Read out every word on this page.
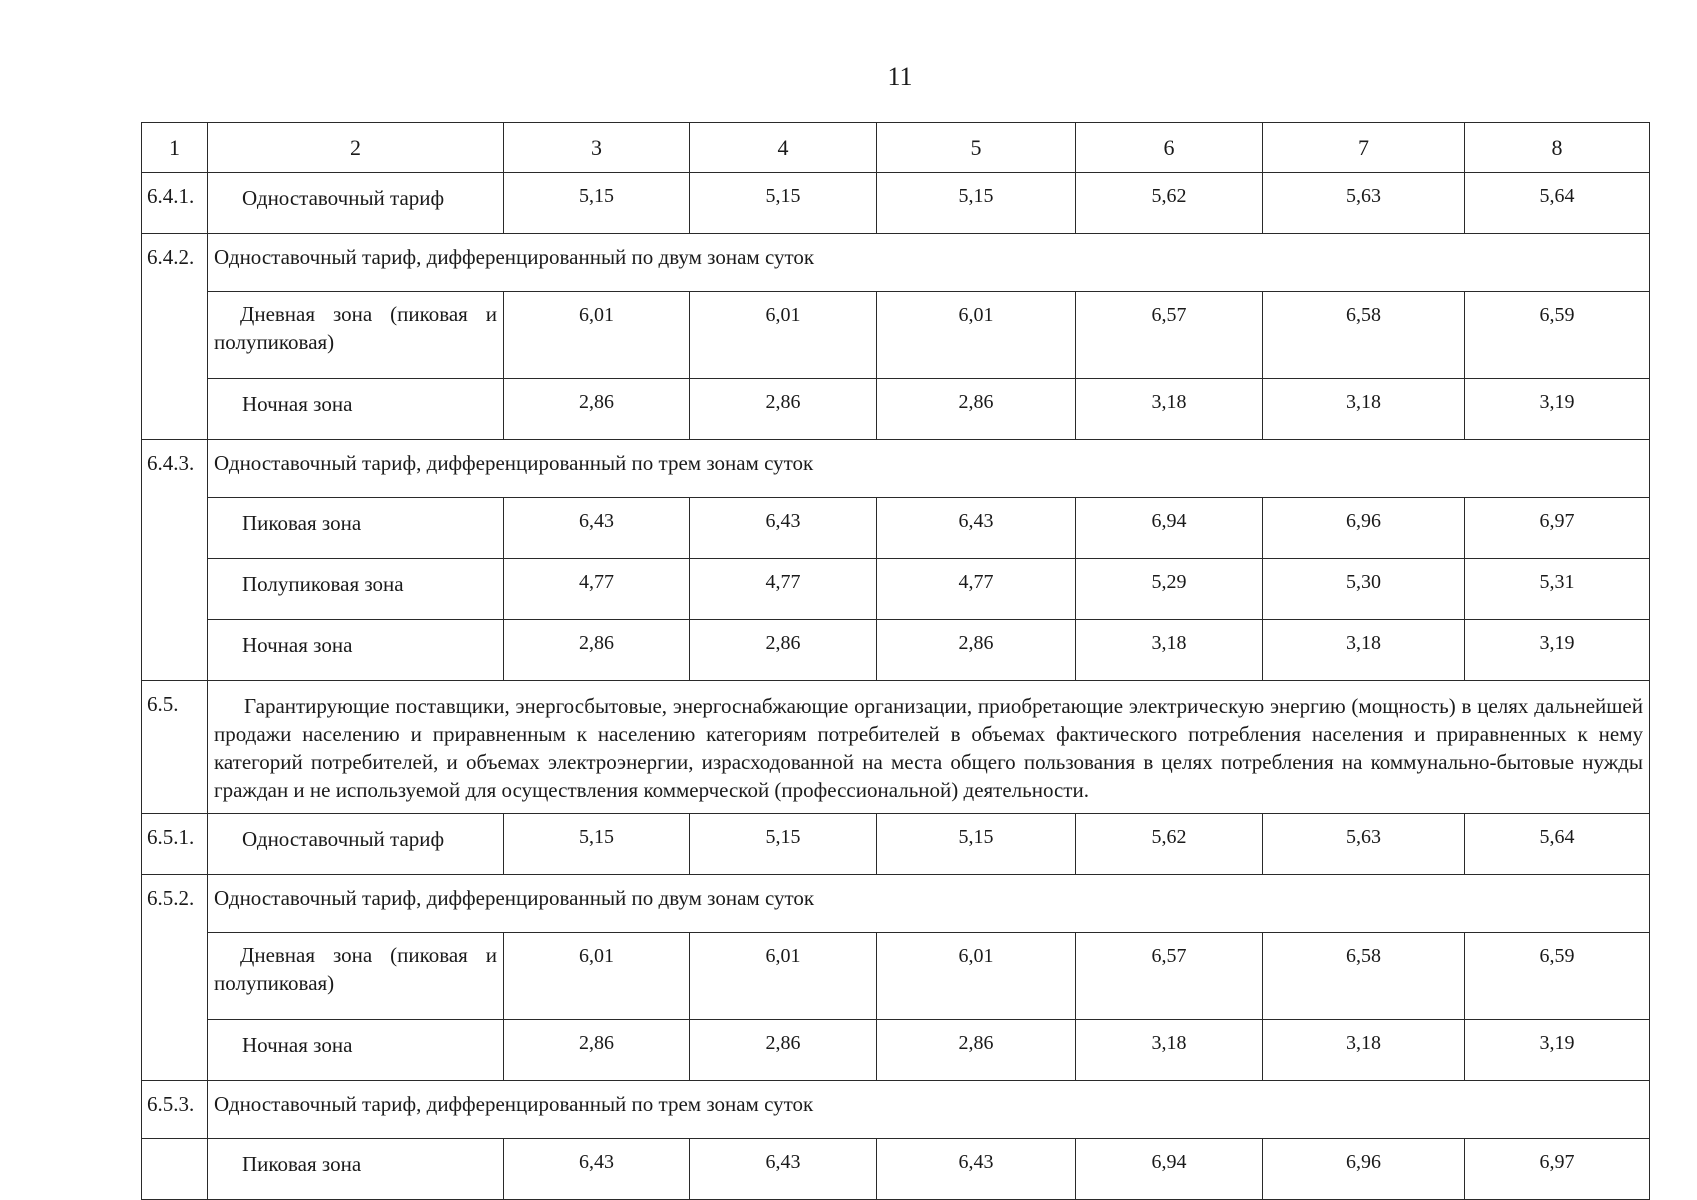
11
1	2	3	4	5	6	7	8
6.4.1.	Одноставочный тариф	5,15	5,15	5,15	5,62	5,63	5,64
6.4.2.	Одноставочный тариф, дифференцированный по двум зонам суток						
	Дневная зона (пиковая и полупиковая)	6,01	6,01	6,01	6,57	6,58	6,59
	Ночная зона	2,86	2,86	2,86	3,18	3,18	3,19
6.4.3.	Одноставочный тариф, дифференцированный по трем зонам суток						
	Пиковая зона	6,43	6,43	6,43	6,94	6,96	6,97
	Полупиковая зона	4,77	4,77	4,77	5,29	5,30	5,31
	Ночная зона	2,86	2,86	2,86	3,18	3,18	3,19
6.5.	Гарантирующие поставщики, энергосбытовые, энергоснабжающие организации, приобретающие электрическую энергию (мощность) в целях дальнейшей продажи населению и приравненным к населению категориям потребителей в объемах фактического потребления населения и приравненных к нему категорий потребителей, и объемах электроэнергии, израсходованной на места общего пользования в целях потребления на коммунально-бытовые нужды граждан и не используемой для осуществления коммерческой (профессиональной) деятельности.						
6.5.1.	Одноставочный тариф	5,15	5,15	5,15	5,62	5,63	5,64
6.5.2.	Одноставочный тариф, дифференцированный по двум зонам суток						
	Дневная зона (пиковая и полупиковая)	6,01	6,01	6,01	6,57	6,58	6,59
	Ночная зона	2,86	2,86	2,86	3,18	3,18	3,19
6.5.3.	Одноставочный тариф, дифференцированный по трем зонам суток						
	Пиковая зона	6,43	6,43	6,43	6,94	6,96	6,97
